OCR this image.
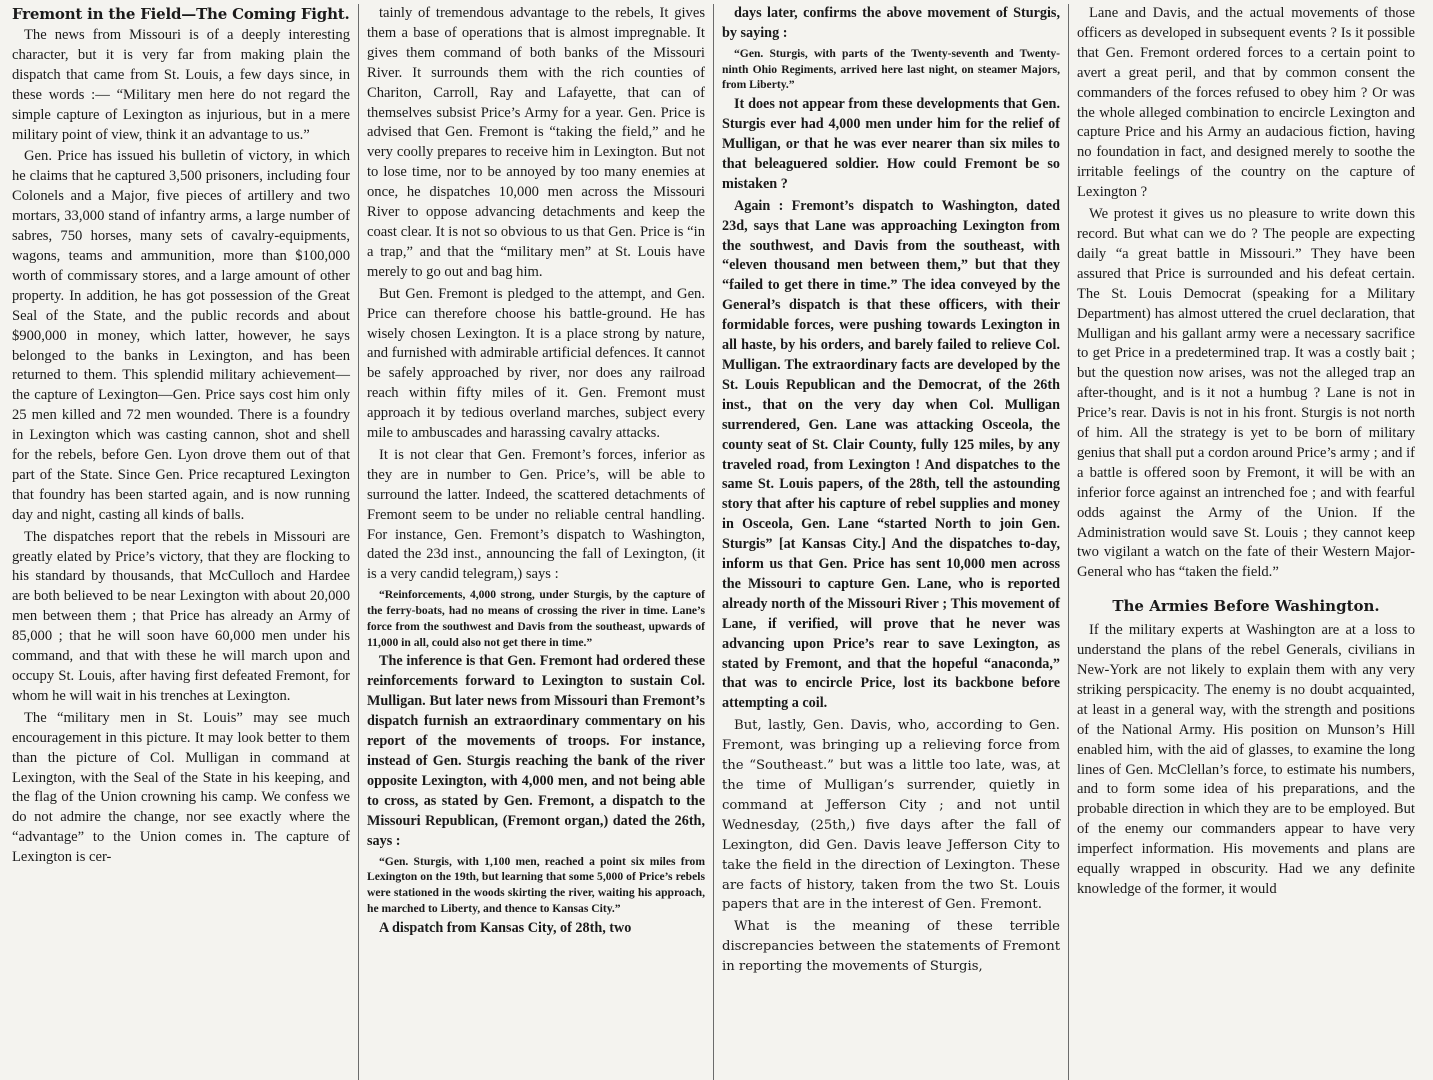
Fremont in the Field—The Coming Fight.

The news from Missouri is of a deeply interesting character, but it is very far from making plain the dispatch that came from St. Louis, a few days since, in these words :— “Military men here do not regard the simple capture of Lexington as injurious, but in a mere military point of view, think it an advantage to us.”

Gen. Price has issued his bulletin of victory, in which he claims that he captured 3,500 prisoners, including four Colonels and a Major, five pieces of artillery and two mortars, 33,000 stand of infantry arms, a large number of sabres, 750 horses, many sets of cavalry-equipments, wagons, teams and ammunition, more than $100,000 worth of commissary stores, and a large amount of other property. In addition, he has got possession of the Great Seal of the State, and the public records and about $900,000 in money, which latter, however, he says belonged to the banks in Lexington, and has been returned to them. This splendid military achievement—the capture of Lexington—Gen. Price says cost him only 25 men killed and 72 men wounded. There is a foundry in Lexington which was casting cannon, shot and shell for the rebels, before Gen. Lyon drove them out of that part of the State. Since Gen. Price recaptured Lexington that foundry has been started again, and is now running day and night, casting all kinds of balls.

The dispatches report that the rebels in Missouri are greatly elated by Price’s victory, that they are flocking to his standard by thousands, that McCulloch and Hardee are both believed to be near Lexington with about 20,000 men between them ; that Price has already an Army of 85,000 ; that he will soon have 60,000 men under his command, and that with these he will march upon and occupy St. Louis, after having first defeated Fremont, for whom he will wait in his trenches at Lexington.

The “military men in St. Louis” may see much encouragement in this picture. It may look better to them than the picture of Col. Mulligan in command at Lexington, with the Seal of the State in his keeping, and the flag of the Union crowning his camp. We confess we do not admire the change, nor see exactly where the “advantage” to the Union comes in. The capture of Lexington is cer-

tainly of tremendous advantage to the rebels, It gives them a base of operations that is almost impregnable. It gives them command of both banks of the Missouri River. It surrounds them with the rich counties of Chariton, Carroll, Ray and Lafayette, that can of themselves subsist Price’s Army for a year. Gen. Price is advised that Gen. Fremont is “taking the field,” and he very coolly prepares to receive him in Lexington. But not to lose time, nor to be annoyed by too many enemies at once, he dispatches 10,000 men across the Missouri River to oppose advancing detachments and keep the coast clear. It is not so obvious to us that Gen. Price is “in a trap,” and that the “military men” at St. Louis have merely to go out and bag him.

But Gen. Fremont is pledged to the attempt, and Gen. Price can therefore choose his battle-ground. He has wisely chosen Lexington. It is a place strong by nature, and furnished with admirable artificial defences. It cannot be safely approached by river, nor does any railroad reach within fifty miles of it. Gen. Fremont must approach it by tedious overland marches, subject every mile to ambuscades and harassing cavalry attacks.

It is not clear that Gen. Fremont’s forces, inferior as they are in number to Gen. Price’s, will be able to surround the latter. Indeed, the scattered detachments of Fremont seem to be under no reliable central handling. For instance, Gen. Fremont’s dispatch to Washington, dated the 23d inst., announcing the fall of Lexington, (it is a very candid telegram,) says :

“Reinforcements, 4,000 strong, under Sturgis, by the capture of the ferry-boats, had no means of crossing the river in time. Lane’s force from the southwest and Davis from the southeast, upwards of 11,000 in all, could also not get there in time.”

The inference is that Gen. Fremont had ordered these reinforcements forward to Lexington to sustain Col. Mulligan. But later news from Missouri than Fremont’s dispatch furnish an extraordinary commentary on his report of the movements of troops. For instance, instead of Gen. Sturgis reaching the bank of the river opposite Lexington, with 4,000 men, and not being able to cross, as stated by Gen. Fremont, a dispatch to the Missouri Republican, (Fremont organ,) dated the 26th, says :

“Gen. Sturgis, with 1,100 men, reached a point six miles from Lexington on the 19th, but learning that some 5,000 of Price’s rebels were stationed in the woods skirting the river, waiting his approach, he marched to Liberty, and thence to Kansas City.”

A dispatch from Kansas City, of 28th, two

days later, confirms the above movement of Sturgis, by saying :

“Gen. Sturgis, with parts of the Twenty-seventh and Twenty-ninth Ohio Regiments, arrived here last night, on steamer Majors, from Liberty.”

It does not appear from these developments that Gen. Sturgis ever had 4,000 men under him for the relief of Mulligan, or that he was ever nearer than six miles to that beleaguered soldier. How could Fremont be so mistaken ?

Again : Fremont’s dispatch to Washington, dated 23d, says that Lane was approaching Lexington from the southwest, and Davis from the southeast, with “eleven thousand men between them,” but that they “failed to get there in time.” The idea conveyed by the General’s dispatch is that these officers, with their formidable forces, were pushing towards Lexington in all haste, by his orders, and barely failed to relieve Col. Mulligan. The extraordinary facts are developed by the St. Louis Republican and the Democrat, of the 26th inst., that on the very day when Col. Mulligan surrendered, Gen. Lane was attacking Osceola, the county seat of St. Clair County, fully 125 miles, by any traveled road, from Lexington ! And dispatches to the same St. Louis papers, of the 28th, tell the astounding story that after his capture of rebel supplies and money in Osceola, Gen. Lane “started North to join Gen. Sturgis” [at Kansas City.] And the dispatches to-day, inform us that Gen. Price has sent 10,000 men across the Missouri to capture Gen. Lane, who is reported already north of the Missouri River ; This movement of Lane, if verified, will prove that he never was advancing upon Price’s rear to save Lexington, as stated by Fremont, and that the hopeful “anaconda,” that was to encircle Price, lost its backbone before attempting a coil.

But, lastly, Gen. Davis, who, according to Gen. Fremont, was bringing up a relieving force from the “Southeast.” but was a little too late, was, at the time of Mulligan’s surrender, quietly in command at Jefferson City ; and not until Wednesday, (25th,) five days after the fall of Lexington, did Gen. Davis leave Jefferson City to take the field in the direction of Lexington. These are facts of history, taken from the two St. Louis papers that are in the interest of Gen. Fremont.

What is the meaning of these terrible discrepancies between the statements of Fremont in reporting the movements of Sturgis,

Lane and Davis, and the actual movements of those officers as developed in subsequent events ? Is it possible that Gen. Fremont ordered forces to a certain point to avert a great peril, and that by common consent the commanders of the forces refused to obey him ? Or was the whole alleged combination to encircle Lexington and capture Price and his Army an audacious fiction, having no foundation in fact, and designed merely to soothe the irritable feelings of the country on the capture of Lexington ?

We protest it gives us no pleasure to write down this record. But what can we do ? The people are expecting daily “a great battle in Missouri.” They have been assured that Price is surrounded and his defeat certain. The St. Louis Democrat (speaking for a Military Department) has almost uttered the cruel declaration, that Mulligan and his gallant army were a necessary sacrifice to get Price in a predetermined trap. It was a costly bait ; but the question now arises, was not the alleged trap an after-thought, and is it not a humbug ? Lane is not in Price’s rear. Davis is not in his front. Sturgis is not north of him. All the strategy is yet to be born of military genius that shall put a cordon around Price’s army ; and if a battle is offered soon by Fremont, it will be with an inferior force against an intrenched foe ; and with fearful odds against the Army of the Union. If the Administration would save St. Louis ; they cannot keep two vigilant a watch on the fate of their Western Major-General who has “taken the field.”

The Armies Before Washington.

If the military experts at Washington are at a loss to understand the plans of the rebel Generals, civilians in New-York are not likely to explain them with any very striking perspicacity. The enemy is no doubt acquainted, at least in a general way, with the strength and positions of the National Army. His position on Munson’s Hill enabled him, with the aid of glasses, to examine the long lines of Gen. McClellan’s force, to estimate his numbers, and to form some idea of his preparations, and the probable direction in which they are to be employed. But of the enemy our commanders appear to have very imperfect information. His movements and plans are equally wrapped in obscurity. Had we any definite knowledge of the former, it would
